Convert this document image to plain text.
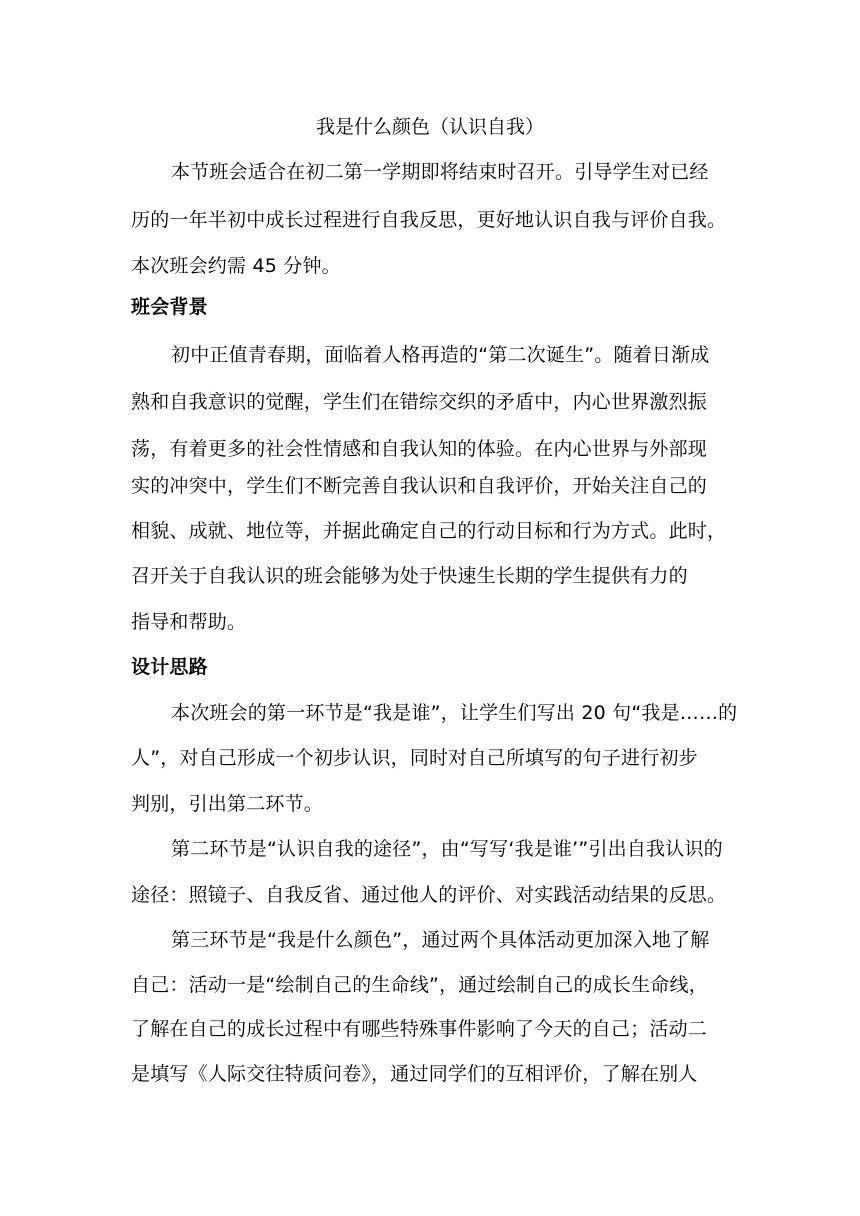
我是什么颜色（认识自我）
本节班会适合在初二第一学期即将结束时召开。引导学生对已经
历的一年半初中成长过程进行自我反思，更好地认识自我与评价自我。
本次班会约需 45 分钟。
班会背景
初中正值青春期，面临着人格再造的“第二次诞生”。随着日渐成
熟和自我意识的觉醒，学生们在错综交织的矛盾中，内心世界激烈振
荡，有着更多的社会性情感和自我认知的体验。在内心世界与外部现
实的冲突中，学生们不断完善自我认识和自我评价，开始关注自己的
相貌、成就、地位等，并据此确定自己的行动目标和行为方式。此时，
召开关于自我认识的班会能够为处于快速生长期的学生提供有力的
指导和帮助。
设计思路
本次班会的第一环节是“我是谁”，让学生们写出 20 句“我是……的
人”，对自己形成一个初步认识，同时对自己所填写的句子进行初步
判别，引出第二环节。
第二环节是“认识自我的途径”，由“写写‘我是谁’”引出自我认识的
途径：照镜子、自我反省、通过他人的评价、对实践活动结果的反思。
第三环节是“我是什么颜色”，通过两个具体活动更加深入地了解
自己：活动一是“绘制自己的生命线”，通过绘制自己的成长生命线，
了解在自己的成长过程中有哪些特殊事件影响了今天的自己；活动二
是填写《人际交往特质问卷》，通过同学们的互相评价，了解在别人
